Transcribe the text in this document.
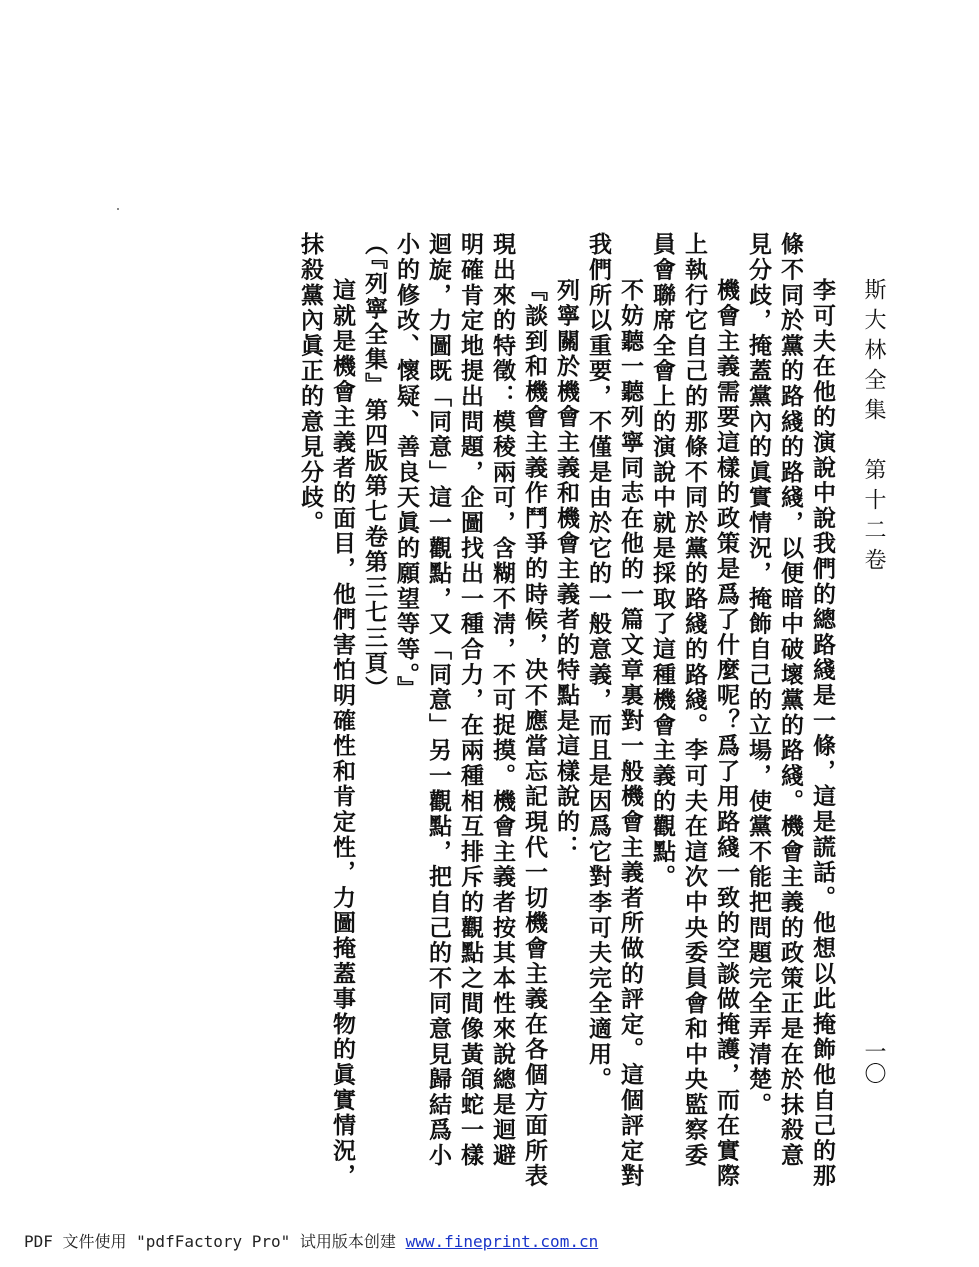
斯大林全集　第十二卷
一〇

李可夫在他的演說中說我們的總路綫是一條，這是謊話。他想以此掩飾他自己的那條不同於黨的路綫的路綫，以便暗中破壞黨的路綫。機會主義的政策正是在於抹殺意見分歧，掩蓋黨內的眞實情況，掩飾自己的立場，使黨不能把問題完全弄清楚。

機會主義需要這樣的政策是爲了什麼呢？爲了用路綫一致的空談做掩護，而在實際上執行它自己的那條不同於黨的路綫的路綫。李可夫在這次中央委員會和中央監察委員會聯席全會上的演說中就是採取了這種機會主義的觀點。

不妨聽一聽列寧同志在他的一篇文章裏對一般機會主義者所做的評定。這個評定對我們所以重要，不僅是由於它的一般意義，而且是因爲它對李可夫完全適用。

列寧關於機會主義和機會主義者的特點是這樣說的：

『談到和機會主義作鬥爭的時候，决不應當忘記現代一切機會主義在各個方面所表現出來的特徵：模稜兩可，含糊不淸，不可捉摸。機會主義者按其本性來說總是迴避明確肯定地提出問題，企圖找出一種合力，在兩種相互排斥的觀點之間像黃頜蛇一樣迴旋，力圖既「同意」這一觀點，又「同意」另一觀點，把自己的不同意見歸結爲小小的修改、懷疑、善良天眞的願望等等。』

（『列寧全集』第四版第七卷第三七三頁）

這就是機會主義者的面目，他們害怕明確性和肯定性，力圖掩蓋事物的眞實情況，抹殺黨內眞正的意見分歧。

PDF 文件使用 "pdfFactory Pro" 试用版本创建 www.fineprint.com.cn
